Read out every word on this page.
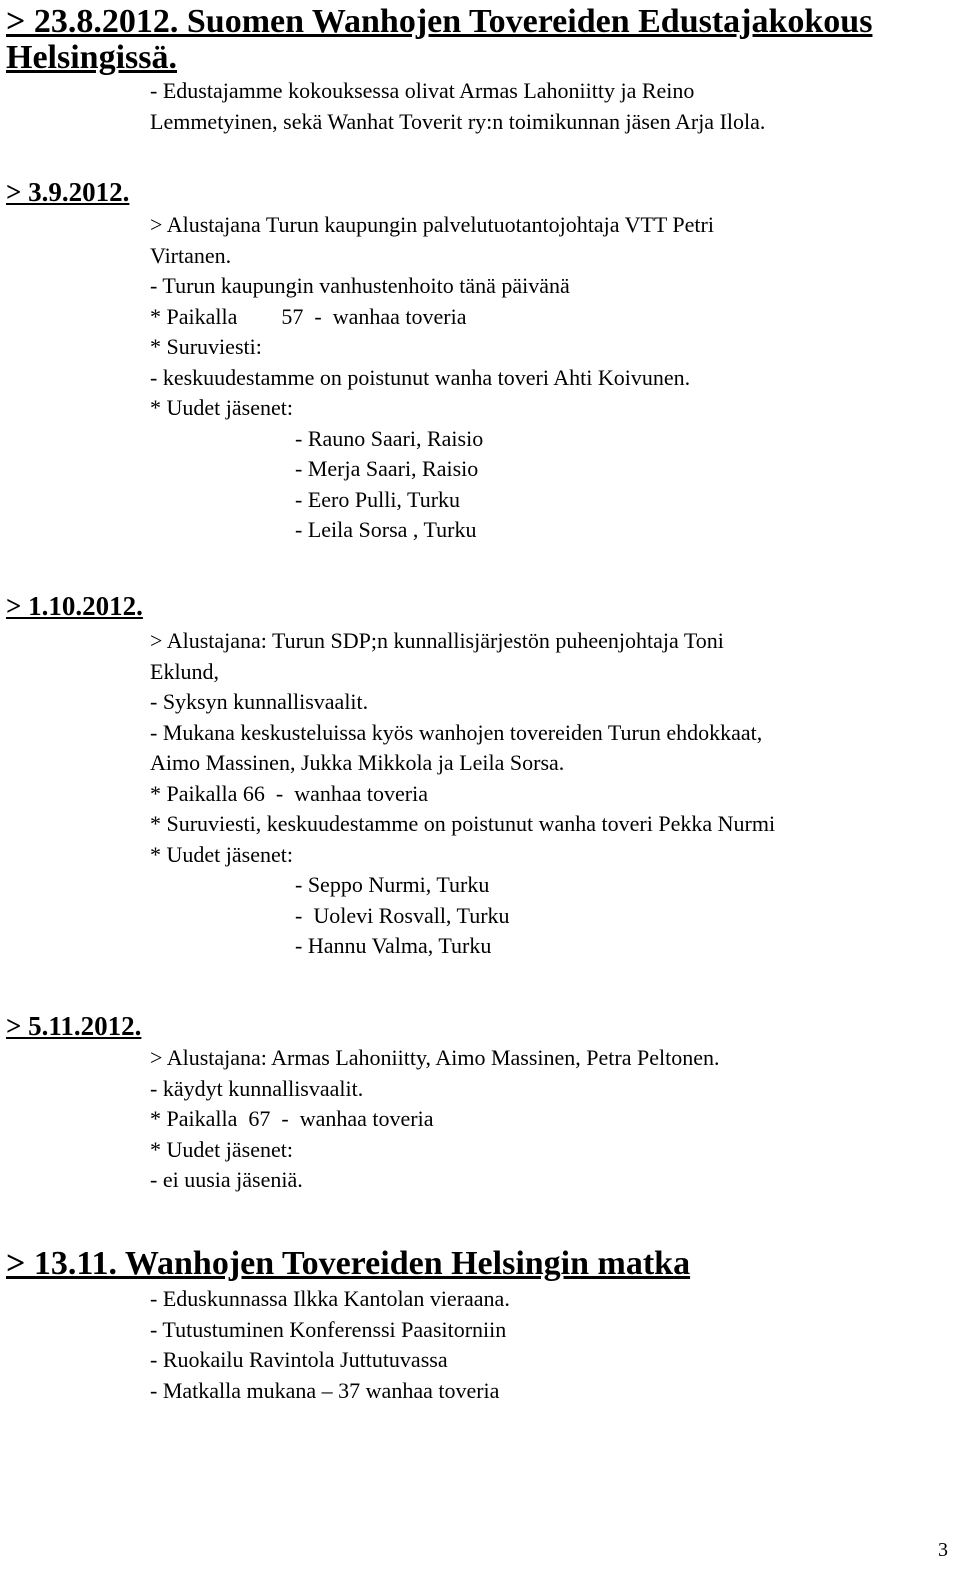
> 23.8.2012. Suomen Wanhojen Tovereiden Edustajakokous
Helsingissä.
- Edustajamme kokouksessa olivat Armas Lahoniitty ja Reino
Lemmetyinen, sekä Wanhat Toverit ry:n toimikunnan jäsen Arja Ilola.
> 3.9.2012.
> Alustajana Turun kaupungin palvelutuotantojohtaja VTT Petri
Virtanen.
- Turun kaupungin vanhustenhoito tänä päivänä
* Paikalla        57  -  wanhaa toveria
* Suruviesti:
- keskuudestamme on poistunut wanha toveri Ahti Koivunen.
* Uudet jäsenet:
- Rauno Saari, Raisio
- Merja Saari, Raisio
- Eero Pulli, Turku
- Leila Sorsa , Turku
> 1.10.2012.
> Alustajana: Turun SDP;n kunnallisjärjestön puheenjohtaja Toni
Eklund,
- Syksyn kunnallisvaalit.
- Mukana keskusteluissa kyös wanhojen tovereiden Turun ehdokkaat,
Aimo Massinen, Jukka Mikkola ja Leila Sorsa.
* Paikalla 66  -  wanhaa toveria
* Suruviesti, keskuudestamme on poistunut wanha toveri Pekka Nurmi
* Uudet jäsenet:
- Seppo Nurmi, Turku
-  Uolevi Rosvall, Turku
- Hannu Valma, Turku
> 5.11.2012.
> Alustajana: Armas Lahoniitty, Aimo Massinen, Petra Peltonen.
- käydyt kunnallisvaalit.
* Paikalla  67  -  wanhaa toveria
* Uudet jäsenet:
- ei uusia jäseniä.
> 13.11. Wanhojen Tovereiden Helsingin matka
- Eduskunnassa Ilkka Kantolan vieraana.
- Tutustuminen Konferenssi Paasitorniin
- Ruokailu Ravintola Juttutuvassa
- Matkalla mukana – 37 wanhaa toveria
3
